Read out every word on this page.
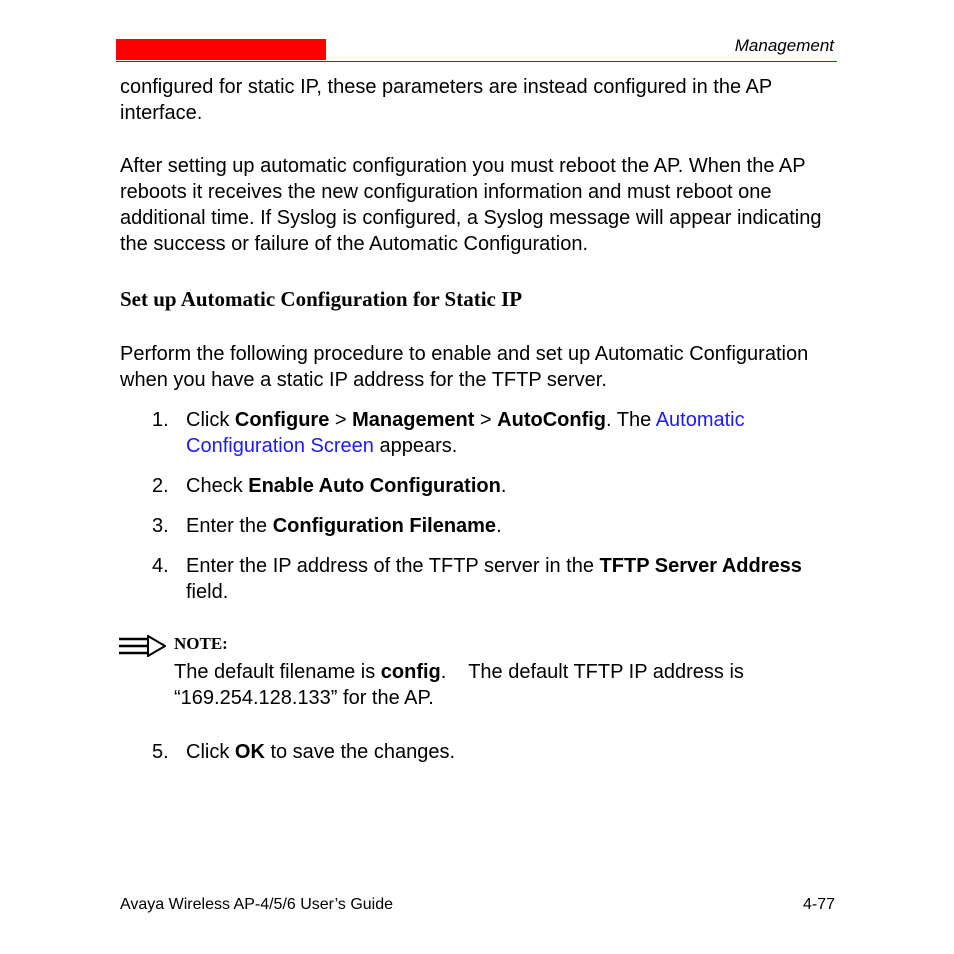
Management
configured for static IP, these parameters are instead configured in the AP interface.
After setting up automatic configuration you must reboot the AP. When the AP reboots it receives the new configuration information and must reboot one additional time. If Syslog is configured, a Syslog message will appear indicating the success or failure of the Automatic Configuration.
Set up Automatic Configuration for Static IP
Perform the following procedure to enable and set up Automatic Configuration when you have a static IP address for the TFTP server.
1. Click Configure > Management > AutoConfig. The Automatic Configuration Screen appears.
2. Check Enable Auto Configuration.
3. Enter the Configuration Filename.
4. Enter the IP address of the TFTP server in the TFTP Server Address field.
NOTE:
The default filename is config.    The default TFTP IP address is “169.254.128.133” for the AP.
5. Click OK to save the changes.
Avaya Wireless AP-4/5/6 User’s Guide	4-77
